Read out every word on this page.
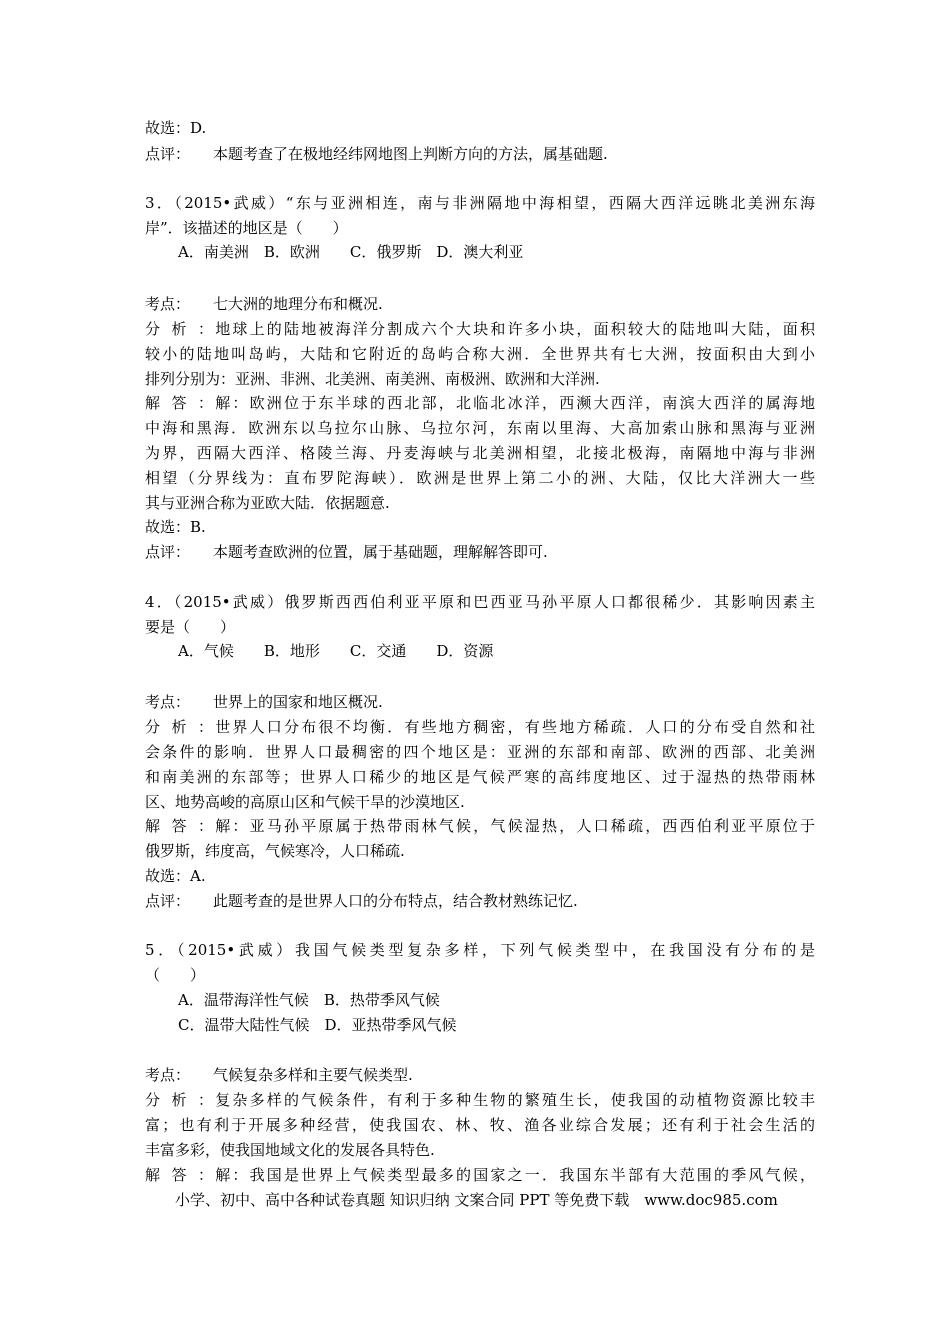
故选：D.
点评： 本题考查了在极地经纬网地图上判断方向的方法，属基础题.
3．（2015•武威）“东与亚洲相连，南与非洲隔地中海相望，西隔大西洋远眺北美洲东海
岸”．该描述的地区是（　　）
A．南美洲　B．欧洲　　C．俄罗斯　D．澳大利亚
考点： 七大洲的地理分布和概况.
分析：地球上的陆地被海洋分割成六个大块和许多小块，面积较大的陆地叫大陆，面积
较小的陆地叫岛屿，大陆和它附近的岛屿合称大洲．全世界共有七大洲，按面积由大到小
排列分别为：亚洲、非洲、北美洲、南美洲、南极洲、欧洲和大洋洲.
解答：解：欧洲位于东半球的西北部，北临北冰洋，西濒大西洋，南滨大西洋的属海地
中海和黑海．欧洲东以乌拉尔山脉、乌拉尔河，东南以里海、大高加索山脉和黑海与亚洲
为界，西隔大西洋、格陵兰海、丹麦海峡与北美洲相望，北接北极海，南隔地中海与非洲
相望（分界线为：直布罗陀海峡）．欧洲是世界上第二小的洲、大陆，仅比大洋洲大一些
其与亚洲合称为亚欧大陆．依据题意.
故选：B.
点评： 本题考查欧洲的位置，属于基础题，理解解答即可.
4．（2015•武威）俄罗斯西西伯利亚平原和巴西亚马孙平原人口都很稀少．其影响因素主
要是（　　）
A．气候　　B．地形　　C．交通　　D．资源
考点： 世界上的国家和地区概况.
分析：世界人口分布很不均衡．有些地方稠密，有些地方稀疏．人口的分布受自然和社
会条件的影响．世界人口最稠密的四个地区是：亚洲的东部和南部、欧洲的西部、北美洲
和南美洲的东部等；世界人口稀少的地区是气候严寒的高纬度地区、过于湿热的热带雨林
区、地势高峻的高原山区和气候干旱的沙漠地区.
解答：解：亚马孙平原属于热带雨林气候，气候湿热，人口稀疏，西西伯利亚平原位于
俄罗斯，纬度高，气候寒冷，人口稀疏.
故选：A.
点评： 此题考查的是世界人口的分布特点，结合教材熟练记忆.
5．（2015•武威）我国气候类型复杂多样，下列气候类型中，在我国没有分布的是
（　　）
A．温带海洋性气候　B．热带季风气候
C．温带大陆性气候　D．亚热带季风气候
考点： 气候复杂多样和主要气候类型.
分析：复杂多样的气候条件，有利于多种生物的繁殖生长，使我国的动植物资源比较丰
富；也有利于开展多种经营，使我国农、林、牧、渔各业综合发展；还有利于社会生活的
丰富多彩，使我国地域文化的发展各具特色.
解答：解：我国是世界上气候类型最多的国家之一．我国东半部有大范围的季风气候，
小学、初中、高中各种试卷真题 知识归纳 文案合同 PPT 等免费下载　www.doc985.com
